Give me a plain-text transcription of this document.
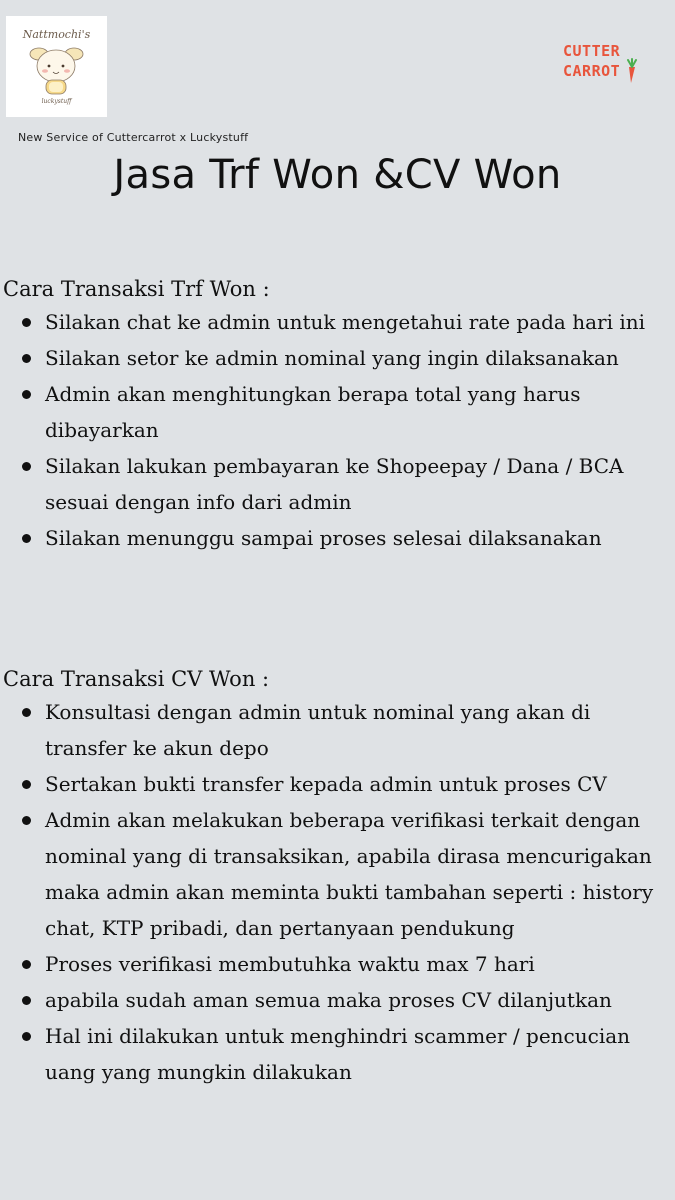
Nattmochi's
luckystuff
CUTTER
CARROT
New Service of Cuttercarrot x Luckystuff
Jasa Trf Won &CV Won
Cara Transaksi Trf Won :
Silakan chat ke admin untuk mengetahui rate pada hari ini
Silakan setor ke admin nominal yang ingin dilaksanakan
Admin akan menghitungkan berapa total yang harus dibayarkan
Silakan lakukan pembayaran ke Shopeepay / Dana / BCA sesuai dengan info dari admin
Silakan menunggu sampai proses selesai dilaksanakan
Cara Transaksi CV Won :
Konsultasi dengan admin untuk nominal yang akan di transfer ke akun depo
Sertakan bukti transfer kepada admin untuk proses CV
Admin akan melakukan beberapa verifikasi terkait dengan nominal yang di transaksikan, apabila dirasa mencurigakan maka admin akan meminta bukti tambahan seperti : history chat, KTP pribadi, dan pertanyaan pendukung
Proses verifikasi membutuhka waktu max 7 hari
apabila sudah aman semua maka proses CV dilanjutkan
Hal ini dilakukan untuk menghindri scammer / pencucian uang yang mungkin dilakukan
